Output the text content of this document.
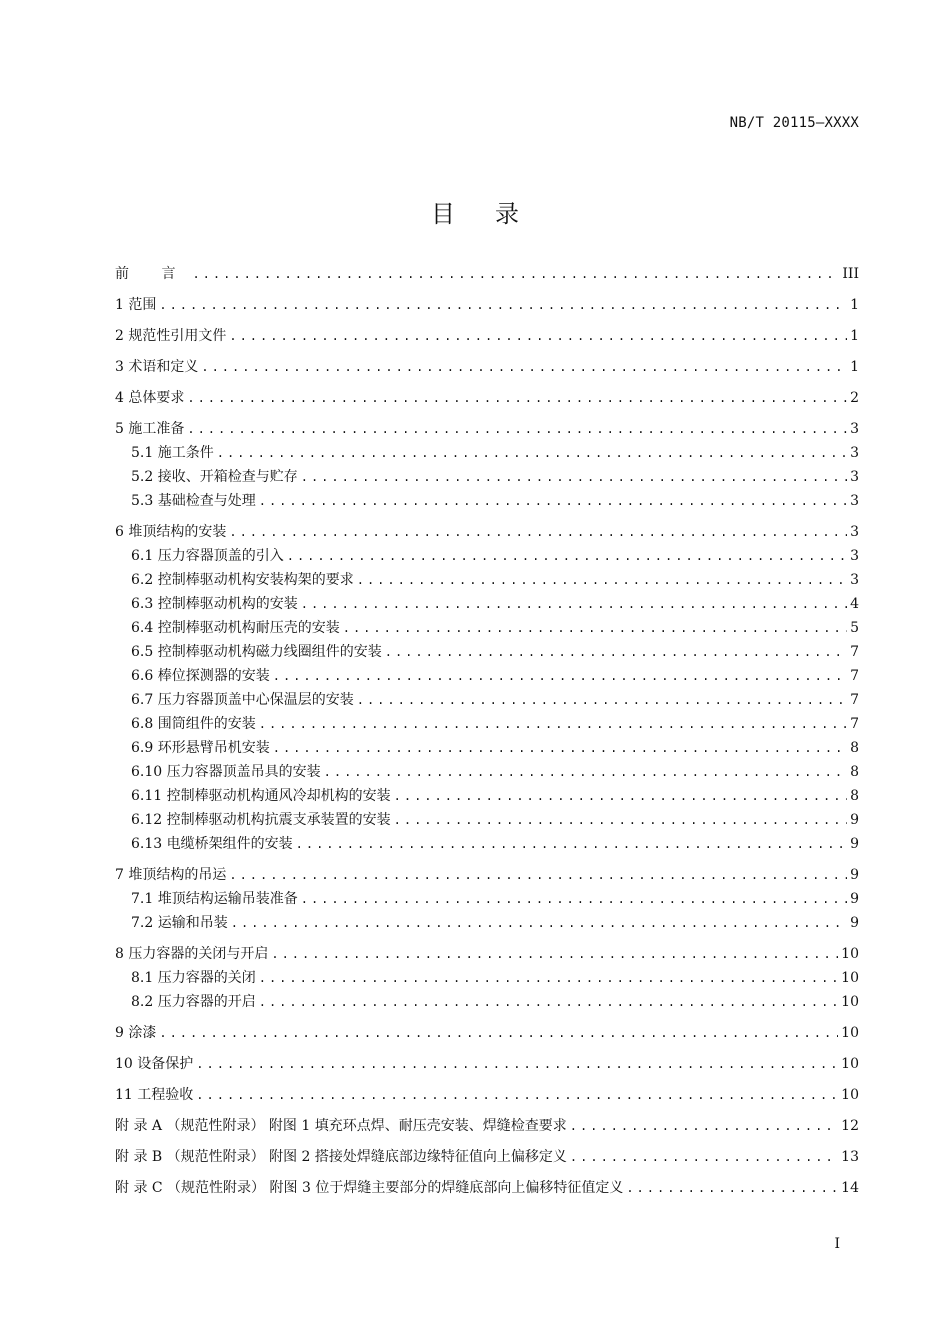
NB/T 20115—XXXX
目录
前 言 .....	III
1 范围 .....	1
2 规范性引用文件 .....	1
3 术语和定义 .....	1
4 总体要求 .....	2
5 施工准备 .....	3
5.1 施工条件 .....	3
5.2 接收、开箱检查与贮存 .....	3
5.3 基础检查与处理 .....	3
6 堆顶结构的安装 .....	3
6.1 压力容器顶盖的引入 .....	3
6.2 控制棒驱动机构安装构架的要求 .....	3
6.3 控制棒驱动机构的安装 .....	4
6.4 控制棒驱动机构耐压壳的安装 .....	5
6.5 控制棒驱动机构磁力线圈组件的安装 .....	7
6.6 棒位探测器的安装 .....	7
6.7 压力容器顶盖中心保温层的安装 .....	7
6.8 围筒组件的安装 .....	7
6.9 环形悬臂吊机安装 .....	8
6.10 压力容器顶盖吊具的安装 .....	8
6.11 控制棒驱动机构通风冷却机构的安装 .....	8
6.12 控制棒驱动机构抗震支承装置的安装 .....	9
6.13 电缆桥架组件的安装 .....	9
7 堆顶结构的吊运 .....	9
7.1 堆顶结构运输吊装准备 .....	9
7.2 运输和吊装 .....	9
8 压力容器的关闭与开启 .....	10
8.1 压力容器的关闭 .....	10
8.2 压力容器的开启 .....	10
9 涂漆 .....	10
10 设备保护 .....	10
11 工程验收 .....	10
附 录 A （规范性附录） 附图 1 填充环点焊、耐压壳安装、焊缝检查要求 .....	12
附 录 B （规范性附录） 附图 2 搭接处焊缝底部边缘特征值向上偏移定义 .....	13
附 录 C （规范性附录） 附图 3 位于焊缝主要部分的焊缝底部向上偏移特征值定义 .....	14
I
